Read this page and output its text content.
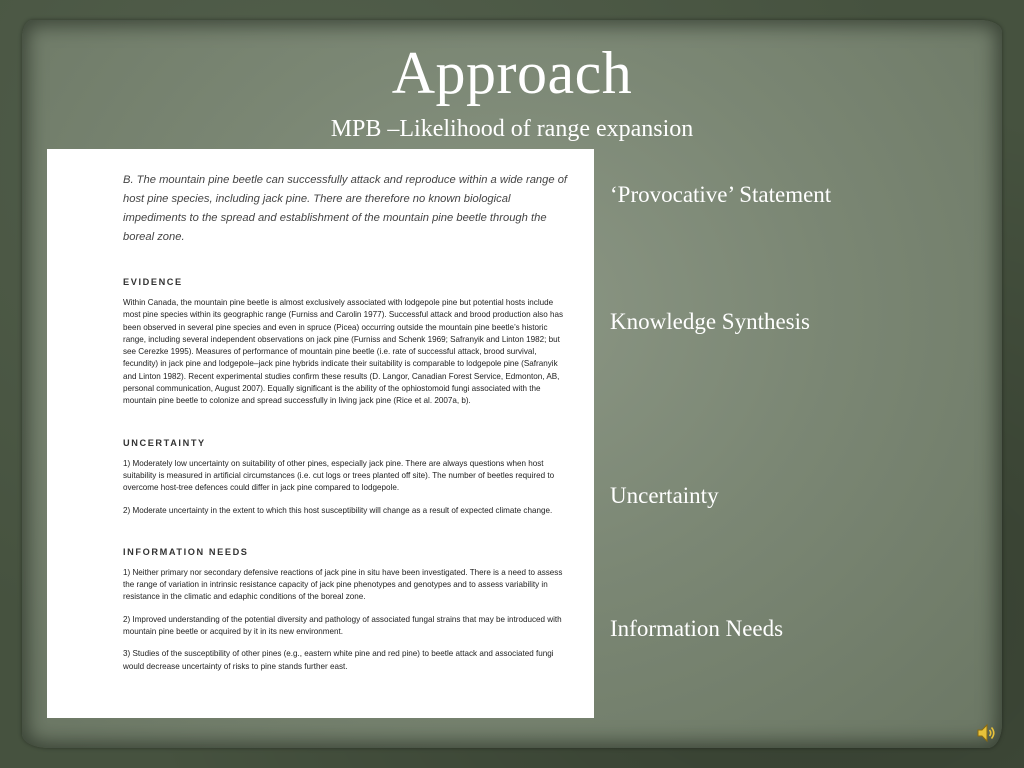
Approach
MPB –Likelihood of range expansion

B. The mountain pine beetle can successfully attack and reproduce within a wide range of host pine species, including jack pine. There are therefore no known biological impediments to the spread and establishment of the mountain pine beetle through the boreal zone.

EVIDENCE

Within Canada, the mountain pine beetle is almost exclusively associated with lodgepole pine but potential hosts include most pine species within its geographic range (Furniss and Carolin 1977). Successful attack and brood production also has been observed in several pine species and even in spruce (Picea) occurring outside the mountain pine beetle’s historic range, including several independent observations on jack pine (Furniss and Schenk 1969; Safranyik and Linton 1982; but see Cerezke 1995). Measures of performance of mountain pine beetle (i.e. rate of successful attack, brood survival, fecundity) in jack pine and lodgepole–jack pine hybrids indicate their suitability is comparable to lodgepole pine (Safranyik and Linton 1982). Recent experimental studies confirm these results (D. Langor, Canadian Forest Service, Edmonton, AB, personal communication, August 2007). Equally significant is the ability of the ophiostomoid fungi associated with the mountain pine beetle to colonize and spread successfully in living jack pine (Rice et al. 2007a, b).

UNCERTAINTY

1) Moderately low uncertainty on suitability of other pines, especially jack pine. There are always questions when host suitability is measured in artificial circumstances (i.e. cut logs or trees planted off site). The number of beetles required to overcome host-tree defences could differ in jack pine compared to lodgepole.

2) Moderate uncertainty in the extent to which this host susceptibility will change as a result of expected climate change.

INFORMATION NEEDS

1) Neither primary nor secondary defensive reactions of jack pine in situ have been investigated. There is a need to assess the range of variation in intrinsic resistance capacity of jack pine phenotypes and genotypes and to assess variability in resistance in the climatic and edaphic conditions of the boreal zone.

2) Improved understanding of the potential diversity and pathology of associated fungal strains that may be introduced with mountain pine beetle or acquired by it in its new environment.

3) Studies of the susceptibility of other pines (e.g., eastern white pine and red pine) to beetle attack and associated fungi would decrease uncertainty of risks to pine stands further east.

‘Provocative’ Statement
Knowledge Synthesis
Uncertainty
Information Needs
